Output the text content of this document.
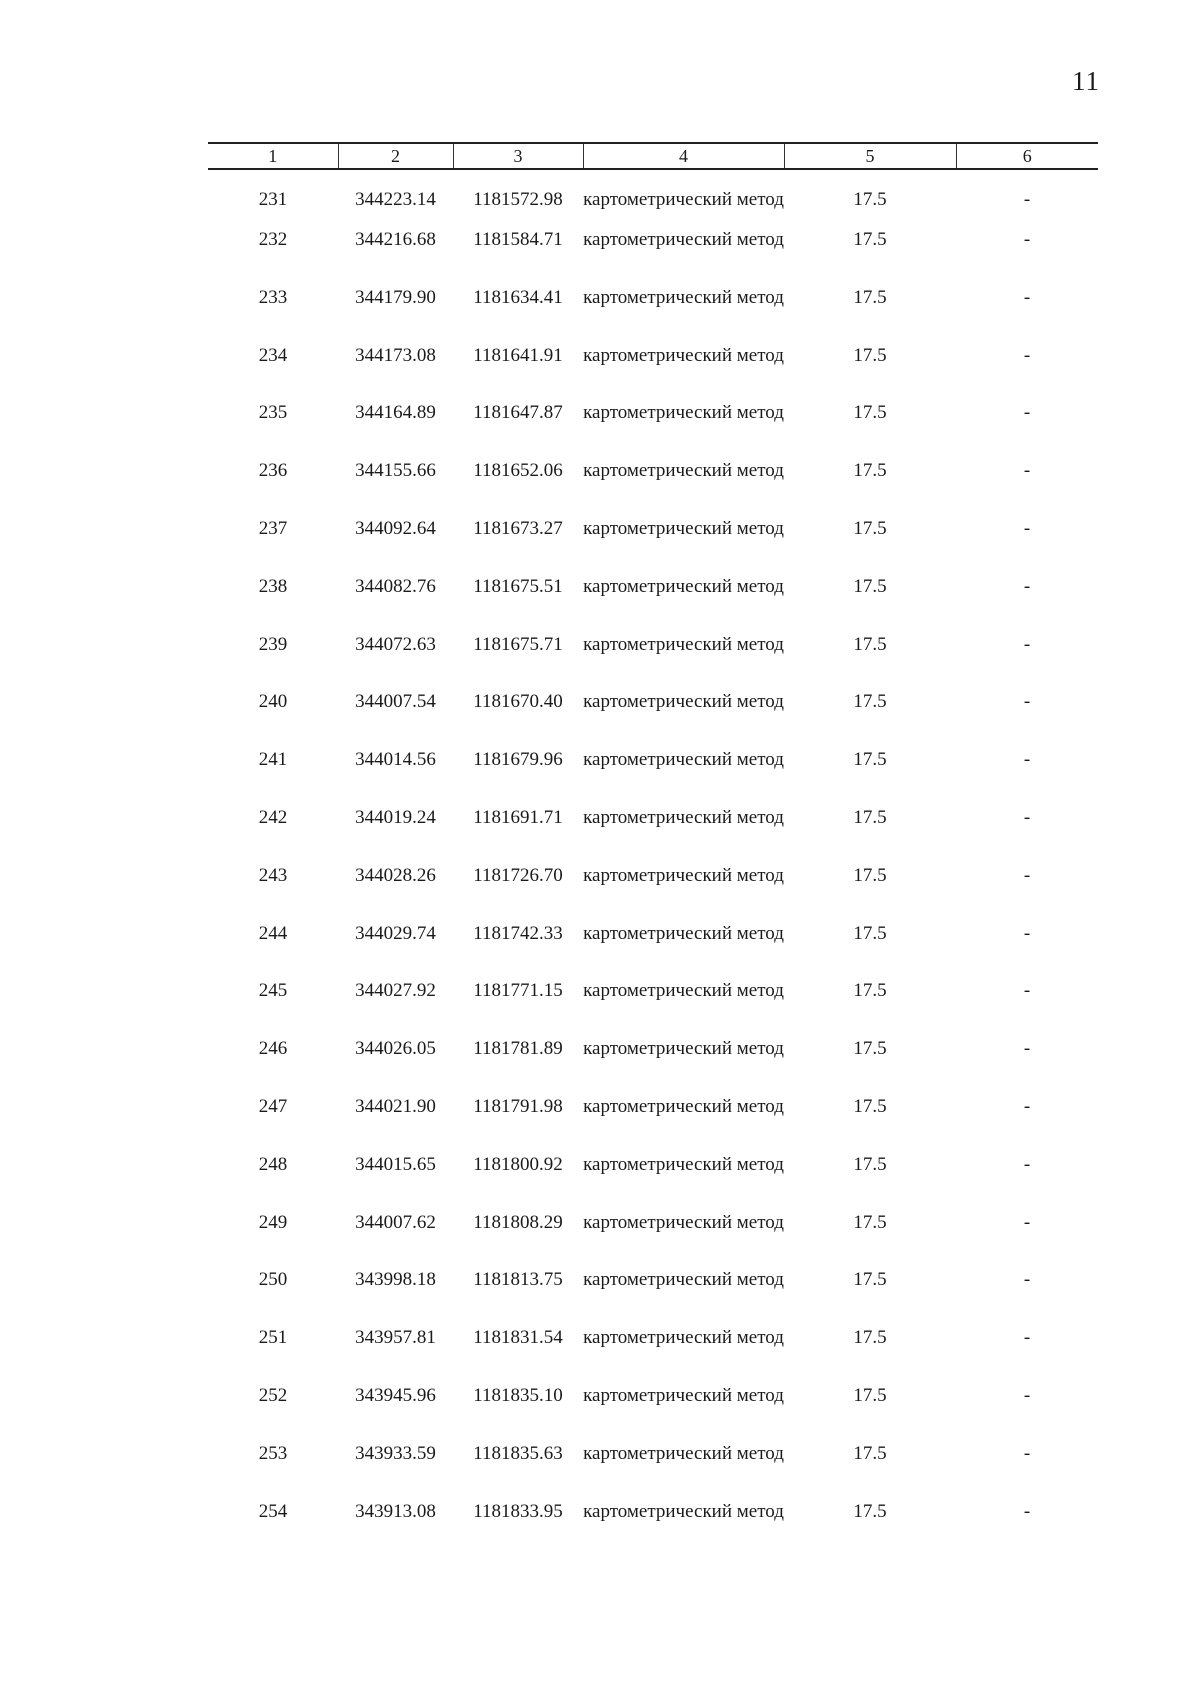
11
1	2	3	4	5	6
231	344223.14	1181572.98	картометрический метод	17.5	-
232	344216.68	1181584.71	картометрический метод	17.5	-
233	344179.90	1181634.41	картометрический метод	17.5	-
234	344173.08	1181641.91	картометрический метод	17.5	-
235	344164.89	1181647.87	картометрический метод	17.5	-
236	344155.66	1181652.06	картометрический метод	17.5	-
237	344092.64	1181673.27	картометрический метод	17.5	-
238	344082.76	1181675.51	картометрический метод	17.5	-
239	344072.63	1181675.71	картометрический метод	17.5	-
240	344007.54	1181670.40	картометрический метод	17.5	-
241	344014.56	1181679.96	картометрический метод	17.5	-
242	344019.24	1181691.71	картометрический метод	17.5	-
243	344028.26	1181726.70	картометрический метод	17.5	-
244	344029.74	1181742.33	картометрический метод	17.5	-
245	344027.92	1181771.15	картометрический метод	17.5	-
246	344026.05	1181781.89	картометрический метод	17.5	-
247	344021.90	1181791.98	картометрический метод	17.5	-
248	344015.65	1181800.92	картометрический метод	17.5	-
249	344007.62	1181808.29	картометрический метод	17.5	-
250	343998.18	1181813.75	картометрический метод	17.5	-
251	343957.81	1181831.54	картометрический метод	17.5	-
252	343945.96	1181835.10	картометрический метод	17.5	-
253	343933.59	1181835.63	картометрический метод	17.5	-
254	343913.08	1181833.95	картометрический метод	17.5	-
